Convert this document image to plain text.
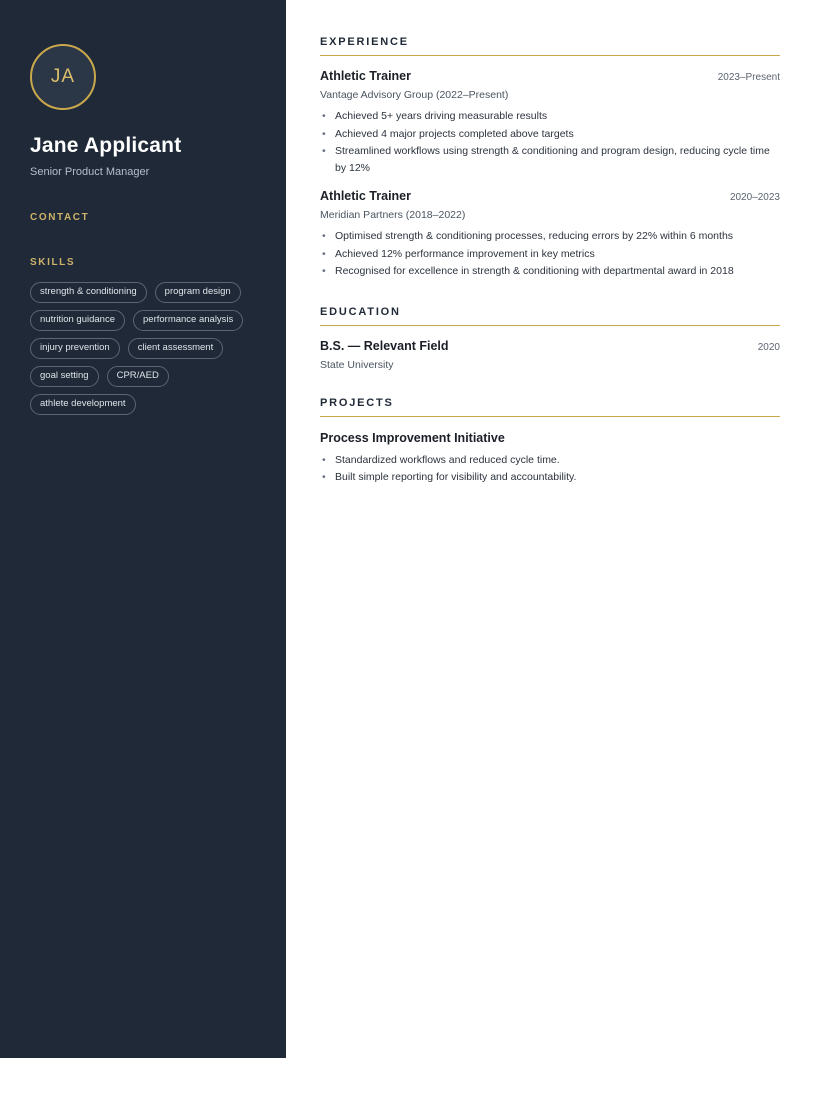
JA
Jane Applicant
Senior Product Manager
CONTACT
SKILLS
strength & conditioning	program design
nutrition guidance	performance analysis
injury prevention	client assessment
goal setting	CPR/AED
athlete development
EXPERIENCE
Athletic Trainer	2023–Present
Vantage Advisory Group (2022–Present)
• Achieved 5+ years driving measurable results
• Achieved 4 major projects completed above targets
• Streamlined workflows using strength & conditioning and program design, reducing cycle time by 12%
Athletic Trainer	2020–2023
Meridian Partners (2018–2022)
• Optimised strength & conditioning processes, reducing errors by 22% within 6 months
• Achieved 12% performance improvement in key metrics
• Recognised for excellence in strength & conditioning with departmental award in 2018
EDUCATION
B.S. — Relevant Field	2020
State University
PROJECTS
Process Improvement Initiative
• Standardized workflows and reduced cycle time.
• Built simple reporting for visibility and accountability.
